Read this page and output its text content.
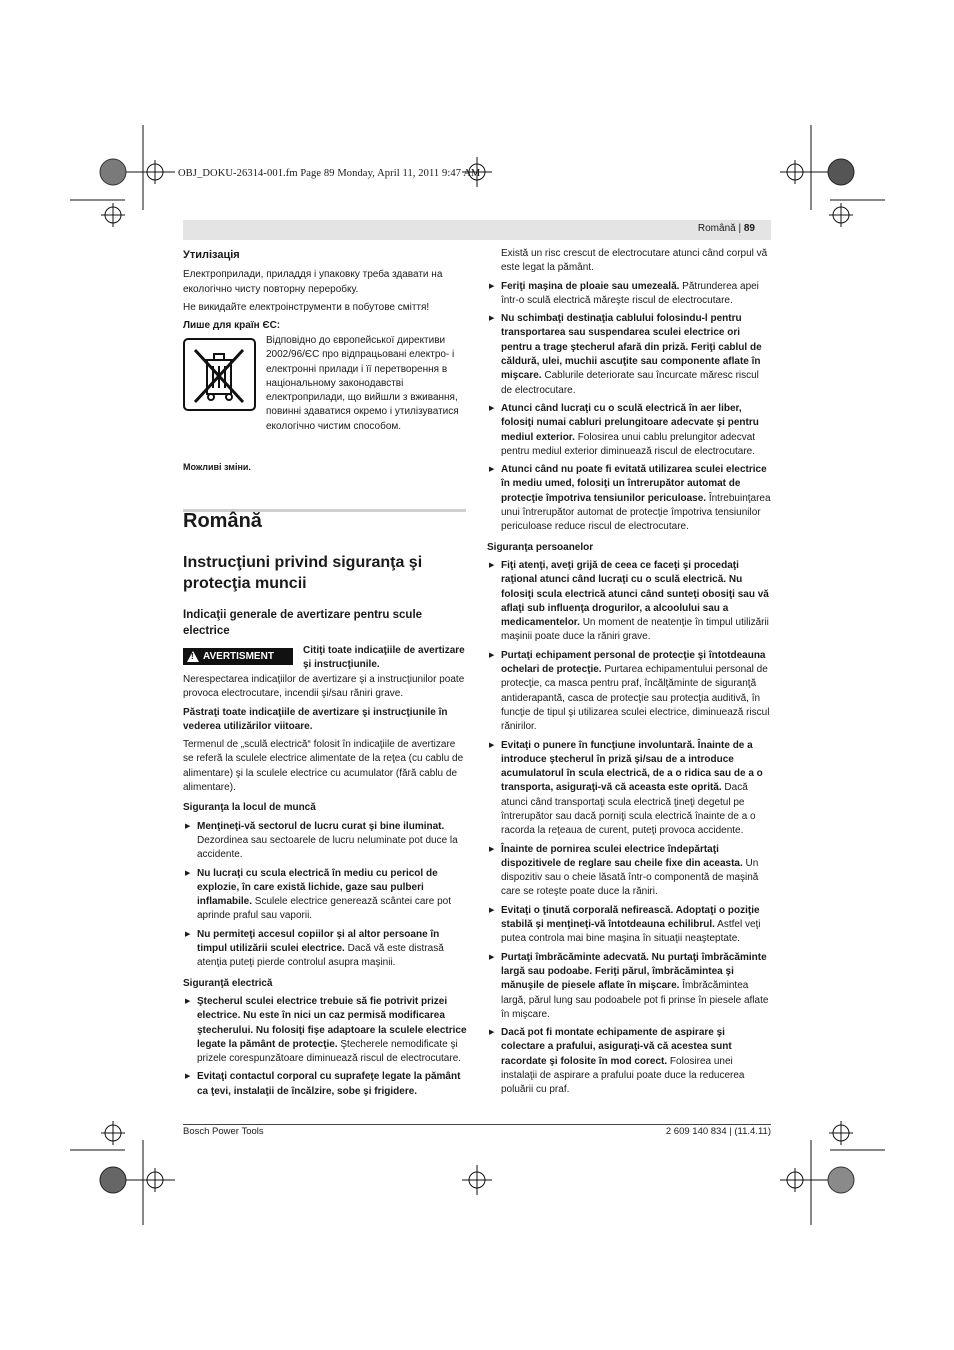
OBJ_DOKU-26314-001.fm Page 89 Monday, April 11, 2011 9:47 AM
Română | 89
Утилізація

Електроприлади, приладдя і упаковку треба здавати на екологічно чисту повторну переробку.

Не викидайте електроінструменти в побутове сміття!

Лише для країн ЄС:
Відповідно до європейської директиви 2002/96/ЄС про відпрацьовані електро- і електронні прилади і її перетворення в національному законодавстві електроприлади, що вийшли з вживання, повинні здаватися окремо і утилізуватися екологічно чистим способом.
Можливі зміни.
Română
Instrucţiuni privind siguranţa şi protecţia muncii
Indicaţii generale de avertizare pentru scule electrice
! AVERTISMENT
Citiţi toate indicaţiile de avertizare şi instrucţiunile.

Nerespectarea indicaţiilor de avertizare şi a instrucţiunilor poate provoca electrocutare, incendii şi/sau răniri grave.

Păstraţi toate indicaţiile de avertizare şi instrucţiunile în vederea utilizărilor viitoare.

Termenul de „sculă electrică“ folosit în indicaţiile de avertizare se referă la sculele electrice alimentate de la reţea (cu cablu de alimentare) şi la sculele electrice cu acumulator (fără cablu de alimentare).

Siguranţa la locul de muncă
▶ Menţineţi-vă sectorul de lucru curat şi bine iluminat. Dezordinea sau sectoarele de lucru neluminate pot duce la accidente.
▶ Nu lucraţi cu scula electrică în mediu cu pericol de explozie, în care există lichide, gaze sau pulberi inflamabile. Sculele electrice generează scântei care pot aprinde praful sau vaporii.
▶ Nu permiteţi accesul copiilor şi al altor persoane în timpul utilizării sculei electrice. Dacă vă este distrasă atenţia puteţi pierde controlul asupra maşinii.
Siguranţă electrică
▶ Ştecherul sculei electrice trebuie să fie potrivit prizei electrice. Nu este în nici un caz permisă modificarea ştecherului. Nu folosiţi fişe adaptoare la sculele electrice legate la pământ de protecţie. Ştecherele nemodificate şi prizele corespunzătoare diminuează riscul de electrocutare.
▶ Evitaţi contactul corporal cu suprafeţe legate la pământ ca ţevi, instalaţii de încălzire, sobe şi frigidere.

Există un risc crescut de electrocutare atunci când corpul vă este legat la pământ.

▶ Feriţi maşina de ploaie sau umezeală. Pătrunderea apei într-o sculă electrică măreşte riscul de electrocutare.
▶ Nu schimbaţi destinaţia cablului folosindu-l pentru transportarea sau suspendarea sculei electrice ori pentru a trage ştecherul afară din priză. Feriţi cablul de căldură, ulei, muchii ascuţite sau componente aflate în mişcare. Cablurile deteriorate sau încurcate măresc riscul de electrocutare.
▶ Atunci când lucraţi cu o sculă electrică în aer liber, folosiţi numai cabluri prelungitoare adecvate şi pentru mediul exterior. Folosirea unui cablu prelungitor adecvat pentru mediul exterior diminuează riscul de electrocutare.
▶ Atunci când nu poate fi evitată utilizarea sculei electrice în mediu umed, folosiţi un întrerupător automat de protecţie împotriva tensiunilor periculoase. Întrebuinţarea unui întrerupător automat de protecţie împotriva tensiunilor periculoase reduce riscul de electrocutare.
Siguranţa persoanelor
▶ Fiţi atenţi, aveţi grijă de ceea ce faceţi şi procedaţi raţional atunci când lucraţi cu o sculă electrică. Nu folosiţi scula electrică atunci când sunteţi obosiţi sau vă aflaţi sub influenţa drogurilor, a alcoolului sau a medicamentelor. Un moment de neatenţie în timpul utilizării maşinii poate duce la răniri grave.
▶ Purtaţi echipament personal de protecţie şi întotdeauna ochelari de protecţie. Purtarea echipamentului personal de protecţie, ca masca pentru praf, încălţăminte de siguranţă antiderapantă, casca de protecţie sau protecţia auditivă, în funcţie de tipul şi utilizarea sculei electrice, diminuează riscul rănirilor.
▶ Evitaţi o punere în funcţiune involuntară. Înainte de a introduce ştecherul în priză şi/sau de a introduce acumulatorul în scula electrică, de a o ridica sau de a o transporta, asiguraţi-vă că aceasta este oprită. Dacă atunci când transportaţi scula electrică ţineţi degetul pe întrerupător sau dacă porniţi scula electrică înainte de a o racorda la reţeaua de curent, puteţi provoca accidente.
▶ Înainte de pornirea sculei electrice îndepărtaţi dispozitivele de reglare sau cheile fixe din aceasta. Un dispozitiv sau o cheie lăsată într-o componentă de maşină care se roteşte poate duce la răniri.
▶ Evitaţi o ţinută corporală nefirească. Adoptaţi o poziţie stabilă şi menţineţi-vă întotdeauna echilibrul. Astfel veţi putea controla mai bine maşina în situaţii neaşteptate.
▶ Purtaţi îmbrăcăminte adecvată. Nu purtaţi îmbrăcăminte largă sau podoabe. Feriţi părul, îmbrăcămintea şi mănuşile de piesele aflate în mişcare. Îmbrăcămintea largă, părul lung sau podoabele pot fi prinse în piesele aflate în mişcare.
▶ Dacă pot fi montate echipamente de aspirare şi colectare a prafului, asiguraţi-vă că acestea sunt racordate şi folosite în mod corect. Folosirea unei instalaţii de aspirare a prafului poate duce la reducerea poluării cu praf.
Bosch Power Tools	2 609 140 834 | (11.4.11)
